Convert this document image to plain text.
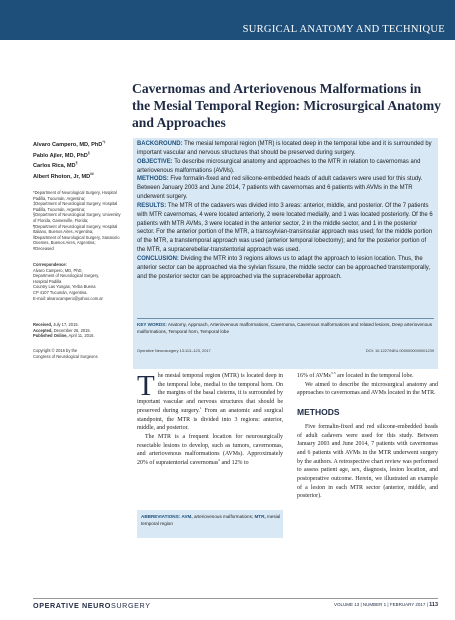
SURGICAL ANATOMY AND TECHNIQUE
Cavernomas and Arteriovenous Malformations in the Mesial Temporal Region: Microsurgical Anatomy and Approaches
Alvaro Campero, MD, PhD*‡
Pablo Ajler, MD, PhD§
Carlos Rica, MD¶
Albert Rhoton, Jr, MD‖#

*Department of Neurological Surgery, Hospital Padilla, Tucumán, Argentina;

‡Department of Neurological Surgery, Hospital Padilla, Tucumán, Argentina;

§Department of Neurological Surgery, University of Florida, Gainesville, Florida;

¶Department of Neurological Surgery, Hospital Italiano, Buenos Aires, Argentina;

‖Department of Neurological Surgery, Sanatorio Güemes, Buenos Aires, Argentina;

#Deceased

Correspondence:

Alvaro Campero, MD, PhD,

Department of Neurological Surgery,

Hospital Padilla

Country Las Yungas, Yerba Buena

CP 4107 Tucumán, Argentina.

E-mail: alvarocampero@yahoo.com.ar

Received, July 17, 2015.

Accepted, December 26, 2015.

Published Online, April 11, 2016.

Copyright © 2016 by the

Congress of Neurological Surgeons

BACKGROUND: The mesial temporal region (MTR) is located deep in the temporal lobe and it is surrounded by important vascular and nervous structures that should be preserved during surgery.

OBJECTIVE: To describe microsurgical anatomy and approaches to the MTR in relation to cavernomas and arteriovenous malformations (AVMs).

METHODS: Five formalin-fixed and red silicone-embedded heads of adult cadavers were used for this study. Between January 2003 and June 2014, 7 patients with cavernomas and 6 patients with AVMs in the MTR underwent surgery.

RESULTS: The MTR of the cadavers was divided into 3 areas: anterior, middle, and posterior. Of the 7 patients with MTR cavernomas, 4 were located anteriorly, 2 were located medially, and 1 was located posteriorly. Of the 6 patients with MTR AVMs, 3 were located in the anterior sector, 2 in the middle sector, and 1 in the posterior sector. For the anterior portion of the MTR, a transsylvian-transinsular approach was used; for the middle portion of the MTR, a transtemporal approach was used (anterior temporal lobectomy); and for the posterior portion of the MTR, a supracerebellar-transtentorial approach was used.

CONCLUSION: Dividing the MTR into 3 regions allows us to adapt the approach to lesion location. Thus, the anterior sector can be approached via the sylvian fissure, the middle sector can be approached transtemporally, and the posterior sector can be approached via the supracerebellar approach.

KEY WORDS: Anatomy, Approach, Arteriovenous malformations, Cavernoma, Cavernous malformations and related lesions, Deep arteriovenous malformations, Temporal horn, Temporal lobe
Operative Neurosurgery 13:113–123, 2017	DOI: 10.1227/NEU.0000000000001239

The mesial temporal region (MTR) is located deep in the temporal lobe, medial to the temporal horn. On the margins of the basal cisterns, it is surrounded by important vascular and nervous structures that should be preserved during surgery.$^1$ From an anatomic and surgical standpoint, the MTR is divided into 3 regions: anterior, middle, and posterior.

The MTR is a frequent location for neurosurgically resectable lesions to develop, such as tumors, cavernomas, and arteriovenous malformations (AVMs). Approximately 20% of supratentorial cavernomas$^2$ and 12% to

ABBREVIATIONS: AVM, arteriovenous malformations; MTR, mesial temporal region

16% of AVMs$^{3-5}$ are located in the temporal lobe.

We aimed to describe the microsurgical anatomy and approaches to cavernomas and AVMs located in the MTR.

METHODS

Five formalin-fixed and red silicone-embedded heads of adult cadavers were used for this study. Between January 2003 and June 2014, 7 patients with cavernomas and 6 patients with AVMs in the MTR underwent surgery by the authors. A retrospective chart review was performed to assess patient age, sex, diagnosis, lesion location, and postoperative outcome. Herein, we illustrated an example of a lesion in each MTR sector (anterior, middle, and posterior).

OPERATIVE NEUROSURGERY	VOLUME 13 | NUMBER 1 | FEBRUARY 2017 | 113
